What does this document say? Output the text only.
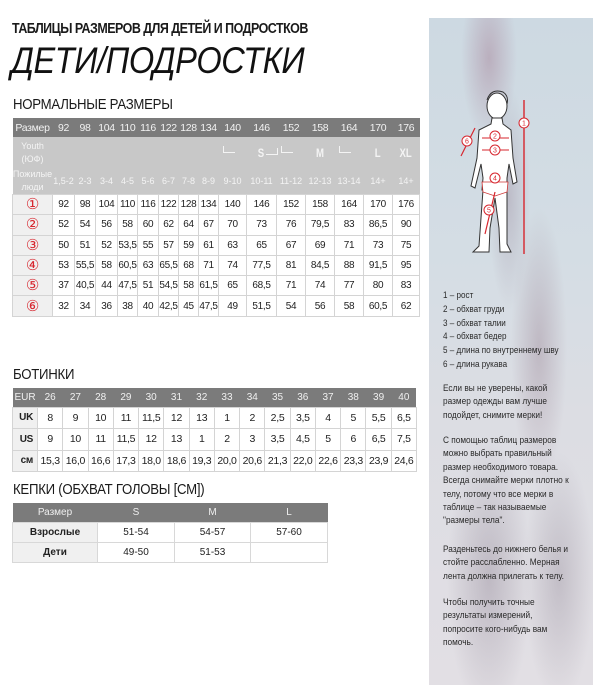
ТАБЛИЦЫ РАЗМЕРОВ ДЛЯ ДЕТЕЙ И ПОДРОСТКОВ
ДЕТИ/ПОДРОСТКИ
НОРМАЛЬНЫЕ РАЗМЕРЫ
Размер	92	98	104	110	116	122	128	134	140	146	152	158	164	170	176
Youth
(ЮФ)										S		M		L	XL
Пожилые
люди	1,5-2	2-3	3-4	4-5	5-6	6-7	7-8	8-9	9-10	10-11	11-12	12-13	13-14	14+	14+
①	92	98	104	110	116	122	128	134	140	146	152	158	164	170	176
②	52	54	56	58	60	62	64	67	70	73	76	79,5	83	86,5	90
③	50	51	52	53,5	55	57	59	61	63	65	67	69	71	73	75
④	53	55,5	58	60,5	63	65,5	68	71	74	77,5	81	84,5	88	91,5	95
⑤	37	40,5	44	47,5	51	54,5	58	61,5	65	68,5	71	74	77	80	83
⑥	32	34	36	38	40	42,5	45	47,5	49	51,5	54	56	58	60,5	62
БОТИНКИ
EUR	26	27	28	29	30	31	32	33	34	35	36	37	38	39	40
UK	8	9	10	11	11,5	12	13	1	2	2,5	3,5	4	5	5,5	6,5
US	9	10	11	11,5	12	13	1	2	3	3,5	4,5	5	6	6,5	7,5
см	15,3	16,0	16,6	17,3	18,0	18,6	19,3	20,0	20,6	21,3	22,0	22,6	23,3	23,9	24,6
КЕПКИ (ОБХВАТ ГОЛОВЫ [СМ])
Размер	S	M	L
Взрослые	51-54	54-57	57-60
Дети	49-50	51-53	
1
2
3
4
5
6
1 – рост
2 – обхват груди
3 – обхват талии
4 – обхват бедер
5 – длина по внутреннему шву
6 – длина рукава

Если вы не уверены, какой размер одежды вам лучше подойдет, снимите мерки!

С помощью таблиц размеров можно выбрать правильный размер необходимого товара. Всегда снимайте мерки плотно к телу, потому что все мерки в таблице – так называемые "размеры тела".

Разденьтесь до нижнего белья и стойте расслабленно. Мерная лента должна прилегать к телу.

Чтобы получить точные результаты измерений, попросите кого-нибудь вам помочь.
